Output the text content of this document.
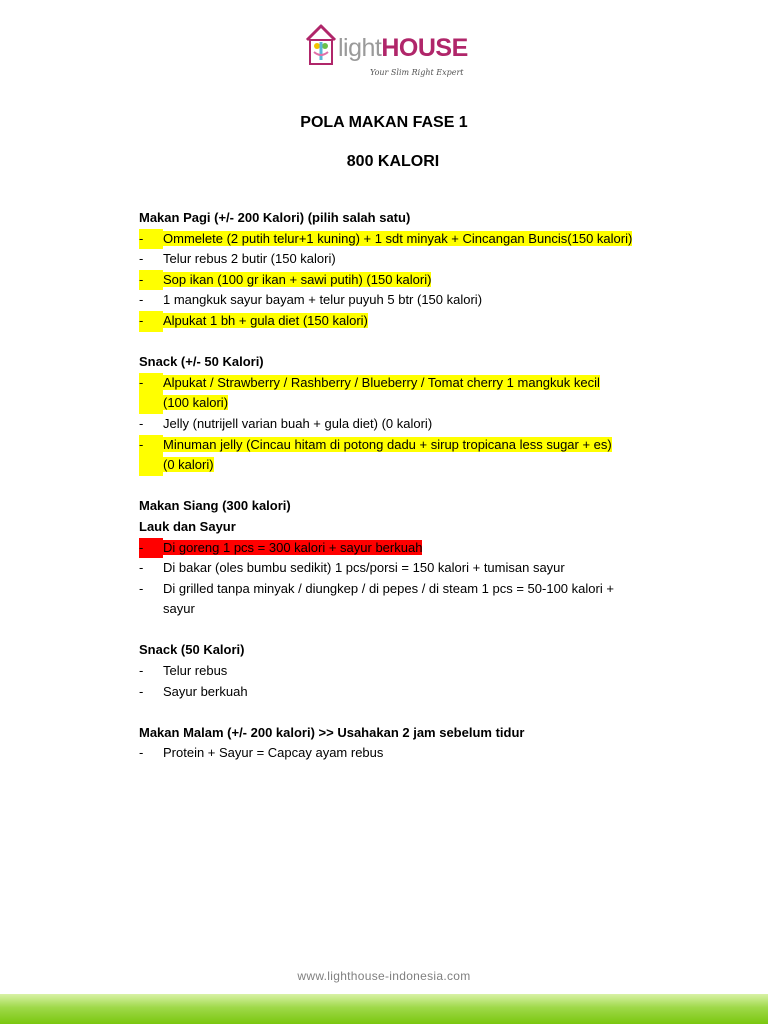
lightHOUSE
Your Slim Right Expert
POLA MAKAN FASE 1
800 KALORI
Makan Pagi (+/- 200 Kalori) (pilih salah satu)
-	Ommelete (2 putih telur+1 kuning) + 1 sdt minyak + Cincangan Buncis(150 kalori)
-	Telur rebus 2 butir (150 kalori)
-	Sop ikan (100 gr ikan + sawi putih) (150 kalori)
-	1 mangkuk sayur bayam + telur puyuh 5 btr (150 kalori)
-	Alpukat 1 bh + gula diet (150 kalori)
Snack (+/- 50 Kalori)
-	Alpukat / Strawberry / Rashberry / Blueberry / Tomat cherry 1 mangkuk kecil
(100 kalori)
-	Jelly (nutrijell varian buah + gula diet) (0 kalori)
-	Minuman jelly (Cincau hitam di potong dadu + sirup tropicana less sugar + es)
(0 kalori)
Makan Siang (300 kalori)
Lauk dan Sayur
-	Di goreng 1 pcs = 300 kalori + sayur berkuah
-	Di bakar (oles bumbu sedikit) 1 pcs/porsi = 150 kalori + tumisan sayur
-	Di grilled tanpa minyak / diungkep / di pepes / di steam 1 pcs = 50-100 kalori +
sayur
Snack (50 Kalori)
-	Telur rebus
-	Sayur berkuah
Makan Malam (+/- 200 kalori) >> Usahakan 2 jam sebelum tidur
-	Protein + Sayur = Capcay ayam rebus
www.lighthouse-indonesia.com
